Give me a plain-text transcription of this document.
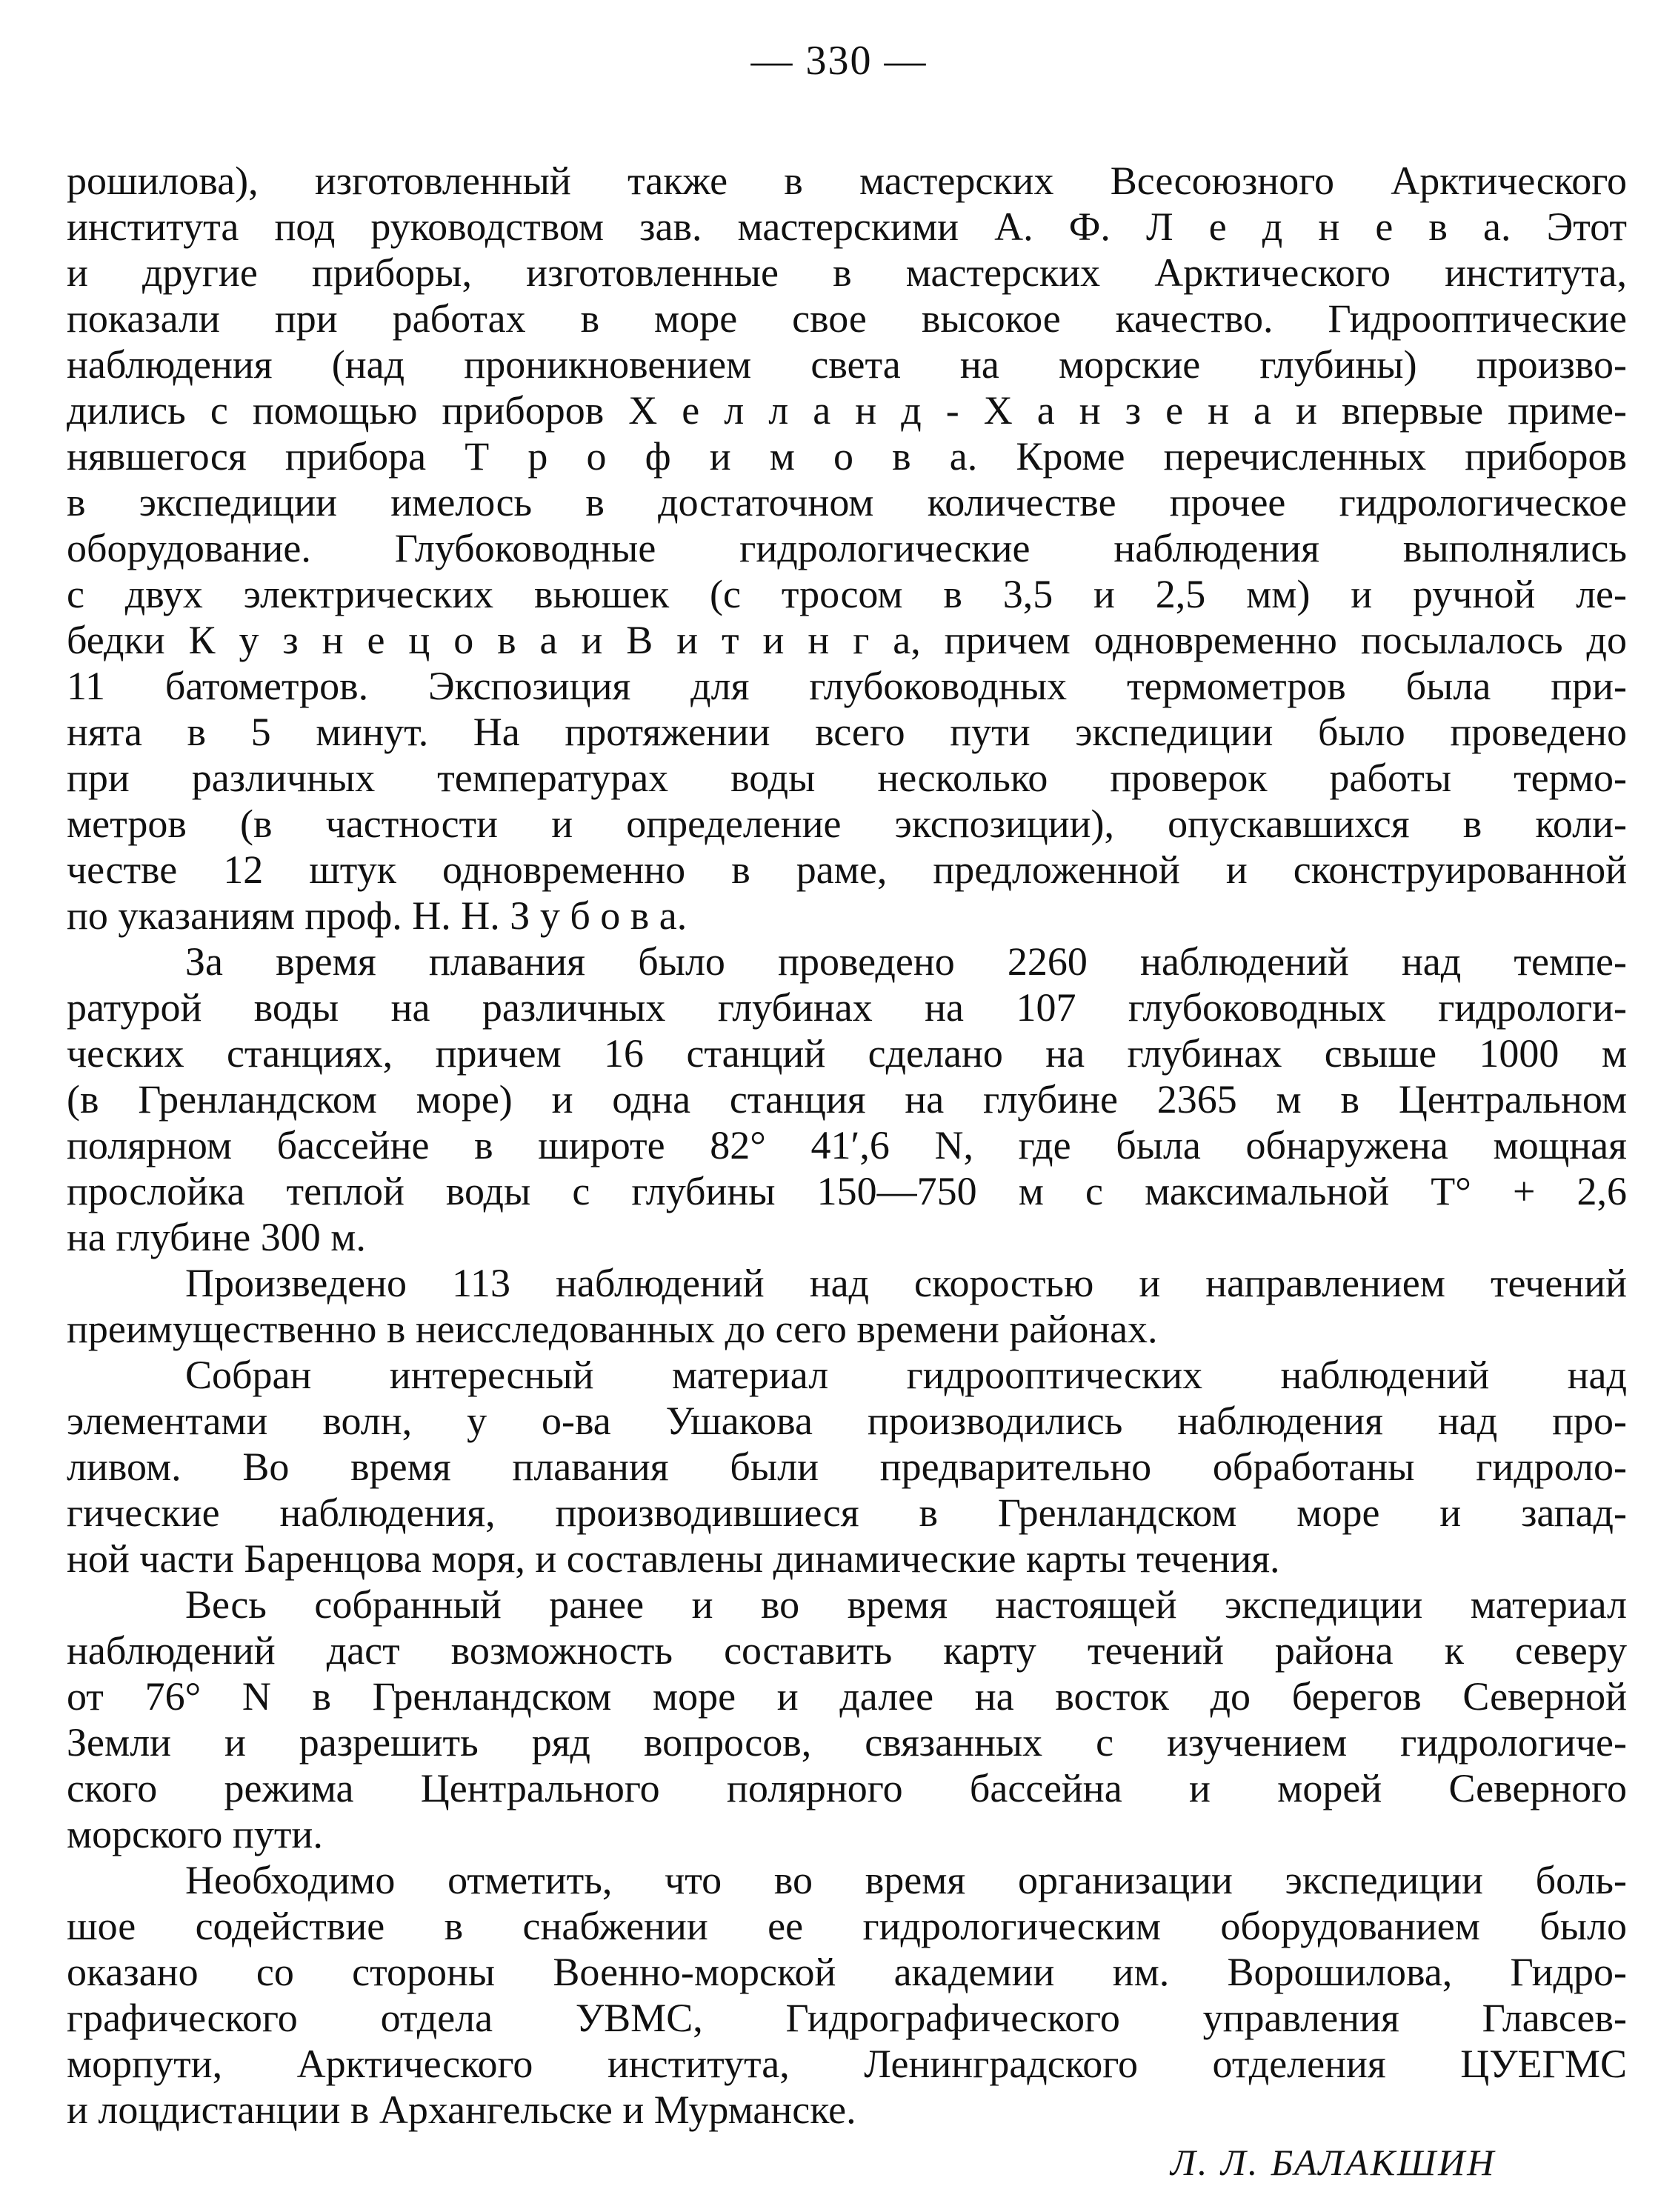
— 330 —
рошилова), изготовленный также в мастерских Всесоюзного Арктического
института под руководством зав. мастерскими А. Ф. Л е д н е в а. Этот
и другие приборы, изготовленные в мастерских Арктического института,
показали при работах в море свое высокое качество. Гидрооптические
наблюдения (над проникновением света на морские глубины) произво-
дились с помощью приборов Х е л л а н д - Х а н з е н а и впервые приме-
нявшегося прибора Т р о ф и м о в а. Кроме перечисленных приборов
в экспедиции имелось в достаточном количестве прочее гидрологическое
оборудование. Глубоководные гидрологические наблюдения выполнялись
с двух электрических вьюшек (с тросом в 3,5 и 2,5 мм) и ручной ле-
бедки К у з н е ц о в а и В и т и н г а, причем одновременно посылалось до
11 батометров. Экспозиция для глубоководных термометров была при-
нята в 5 минут. На протяжении всего пути экспедиции было проведено
при различных температурах воды несколько проверок работы термо-
метров (в частности и определение экспозиции), опускавшихся в коли-
честве 12 штук одновременно в раме, предложенной и сконструированной
по указаниям проф. Н. Н. З у б о в а.
За время плавания было проведено 2260 наблюдений над темпе-
ратурой воды на различных глубинах на 107 глубоководных гидрологи-
ческих станциях, причем 16 станций сделано на глубинах свыше 1000 м
(в Гренландском море) и одна станция на глубине 2365 м в Центральном
полярном бассейне в широте 82° 41′,6 N, где была обнаружена мощная
прослойка теплой воды с глубины 150—750 м с максимальной T° + 2,6
на глубине 300 м.
Произведено 113 наблюдений над скоростью и направлением течений
преимущественно в неисследованных до сего времени районах.
Собран интересный материал гидрооптических наблюдений над
элементами волн, у о-ва Ушакова производились наблюдения над про-
ливом. Во время плавания были предварительно обработаны гидроло-
гические наблюдения, производившиеся в Гренландском море и запад-
ной части Баренцова моря, и составлены динамические карты течения.
Весь собранный ранее и во время настоящей экспедиции материал
наблюдений даст возможность составить карту течений района к северу
от 76° N в Гренландском море и далее на восток до берегов Северной
Земли и разрешить ряд вопросов, связанных с изучением гидрологиче-
ского режима Центрального полярного бассейна и морей Северного
морского пути.
Необходимо отметить, что во время организации экспедиции боль-
шое содействие в снабжении ее гидрологическим оборудованием было
оказано со стороны Военно-морской академии им. Ворошилова, Гидро-
графического отдела УВМС, Гидрографического управления Главсев-
морпути, Арктического института, Ленинградского отделения ЦУЕГМС
и лоцдистанции в Архангельске и Мурманске.
Л. Л. БАЛАКШИН
